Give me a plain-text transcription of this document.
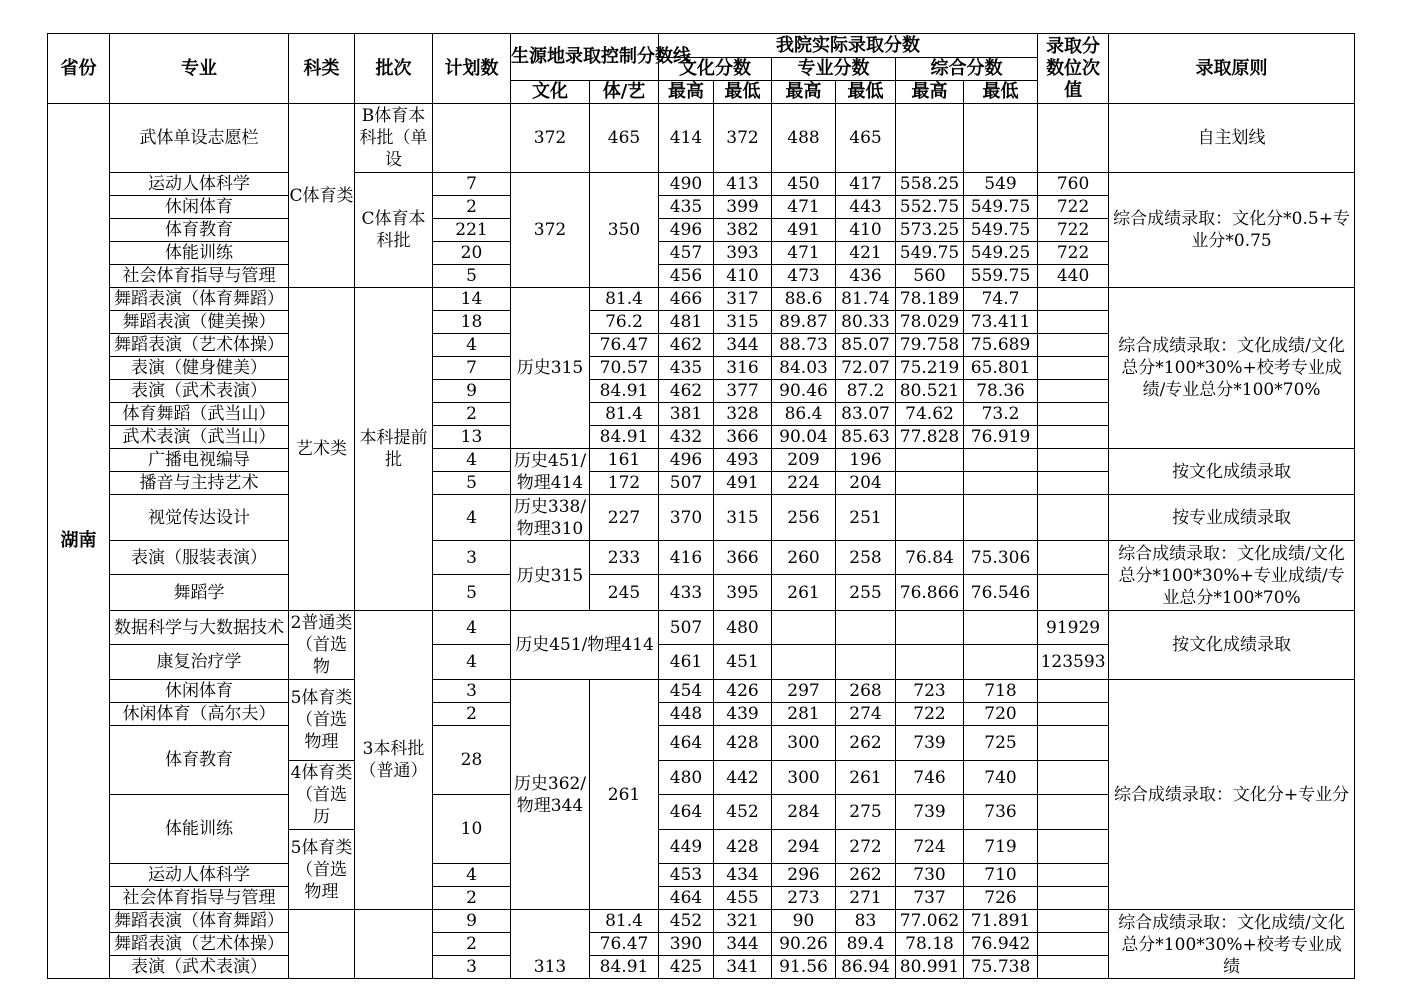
省份	专业	科类	批次	计划数	生源地录取控制分数线		我院实际录取分数						录取分数位次值	录取原则
							文化分数		专业分数		综合分数			
					文化	体/艺	最高	最低	最高	最低	最高	最低		
湖南	武体单设志愿栏	C体育类	B体育本科批（单设		372	465	414	372	488	465				自主划线
	运动人体科学		C体育本科批	7	372	350	490	413	450	417	558.25	549	760	综合成绩录取：文化分*0.5+专业分*0.75
	休闲体育			2			435	399	471	443	552.75	549.75	722	
	体育教育			221			496	382	491	410	573.25	549.75	722	
	体能训练			20			457	393	471	421	549.75	549.25	722	
	社会体育指导与管理			5			456	410	473	436	560	559.75	440	
	舞蹈表演（体育舞蹈）	艺术类	本科提前批	14	历史315	81.4	466	317	88.6	81.74	78.189	74.7		综合成绩录取：文化成绩/文化总分*100*30%+校考专业成绩/专业总分*100*70%
	舞蹈表演（健美操）			18		76.2	481	315	89.87	80.33	78.029	73.411		
	舞蹈表演（艺术体操）			4		76.47	462	344	88.73	85.07	79.758	75.689		
	表演（健身健美）			7		70.57	435	316	84.03	72.07	75.219	65.801		
	表演（武术表演）			9		84.91	462	377	90.46	87.2	80.521	78.36		
	体育舞蹈（武当山）			2		81.4	381	328	86.4	83.07	74.62	73.2		
	武术表演（武当山）			13		84.91	432	366	90.04	85.63	77.828	76.919		
	广播电视编导			4	历史451/物理414	161	496	493	209	196				按文化成绩录取
	播音与主持艺术			5		172	507	491	224	204				
	视觉传达设计			4	历史338/物理310	227	370	315	256	251				按专业成绩录取
	表演（服装表演）			3	历史315	233	416	366	260	258	76.84	75.306		综合成绩录取：文化成绩/文化总分*100*30%+专业成绩/专业总分*100*70%
	舞蹈学			5		245	433	395	261	255	76.866	76.546		
	数据科学与大数据技术	2普通类（首选物	3本科批（普通）	4	历史451/物理414		507	480					91929	按文化成绩录取
	康复治疗学			4			461	451					123593	
	休闲体育	5体育类（首选物理		3	历史362/物理344	261	454	426	297	268	723	718		综合成绩录取：文化分+专业分
	休闲体育（高尔夫）			2			448	439	281	274	722	720		
	体育教育			28			464	428	300	262	739	725		
		4体育类（首选历					480	442	300	261	746	740		
	体能训练			10			464	452	284	275	739	736		
		5体育类（首选物理					449	428	294	272	724	719		
	运动人体科学			4			453	434	296	262	730	710		
	社会体育指导与管理			2			464	455	273	271	737	726		
	舞蹈表演（体育舞蹈）			9	313	81.4	452	321	90	83	77.062	71.891		综合成绩录取：文化成绩/文化总分*100*30%+校考专业成绩
	舞蹈表演（艺术体操）			2		76.47	390	344	90.26	89.4	78.18	76.942		
	表演（武术表演）			3		84.91	425	341	91.56	86.94	80.991	75.738		
